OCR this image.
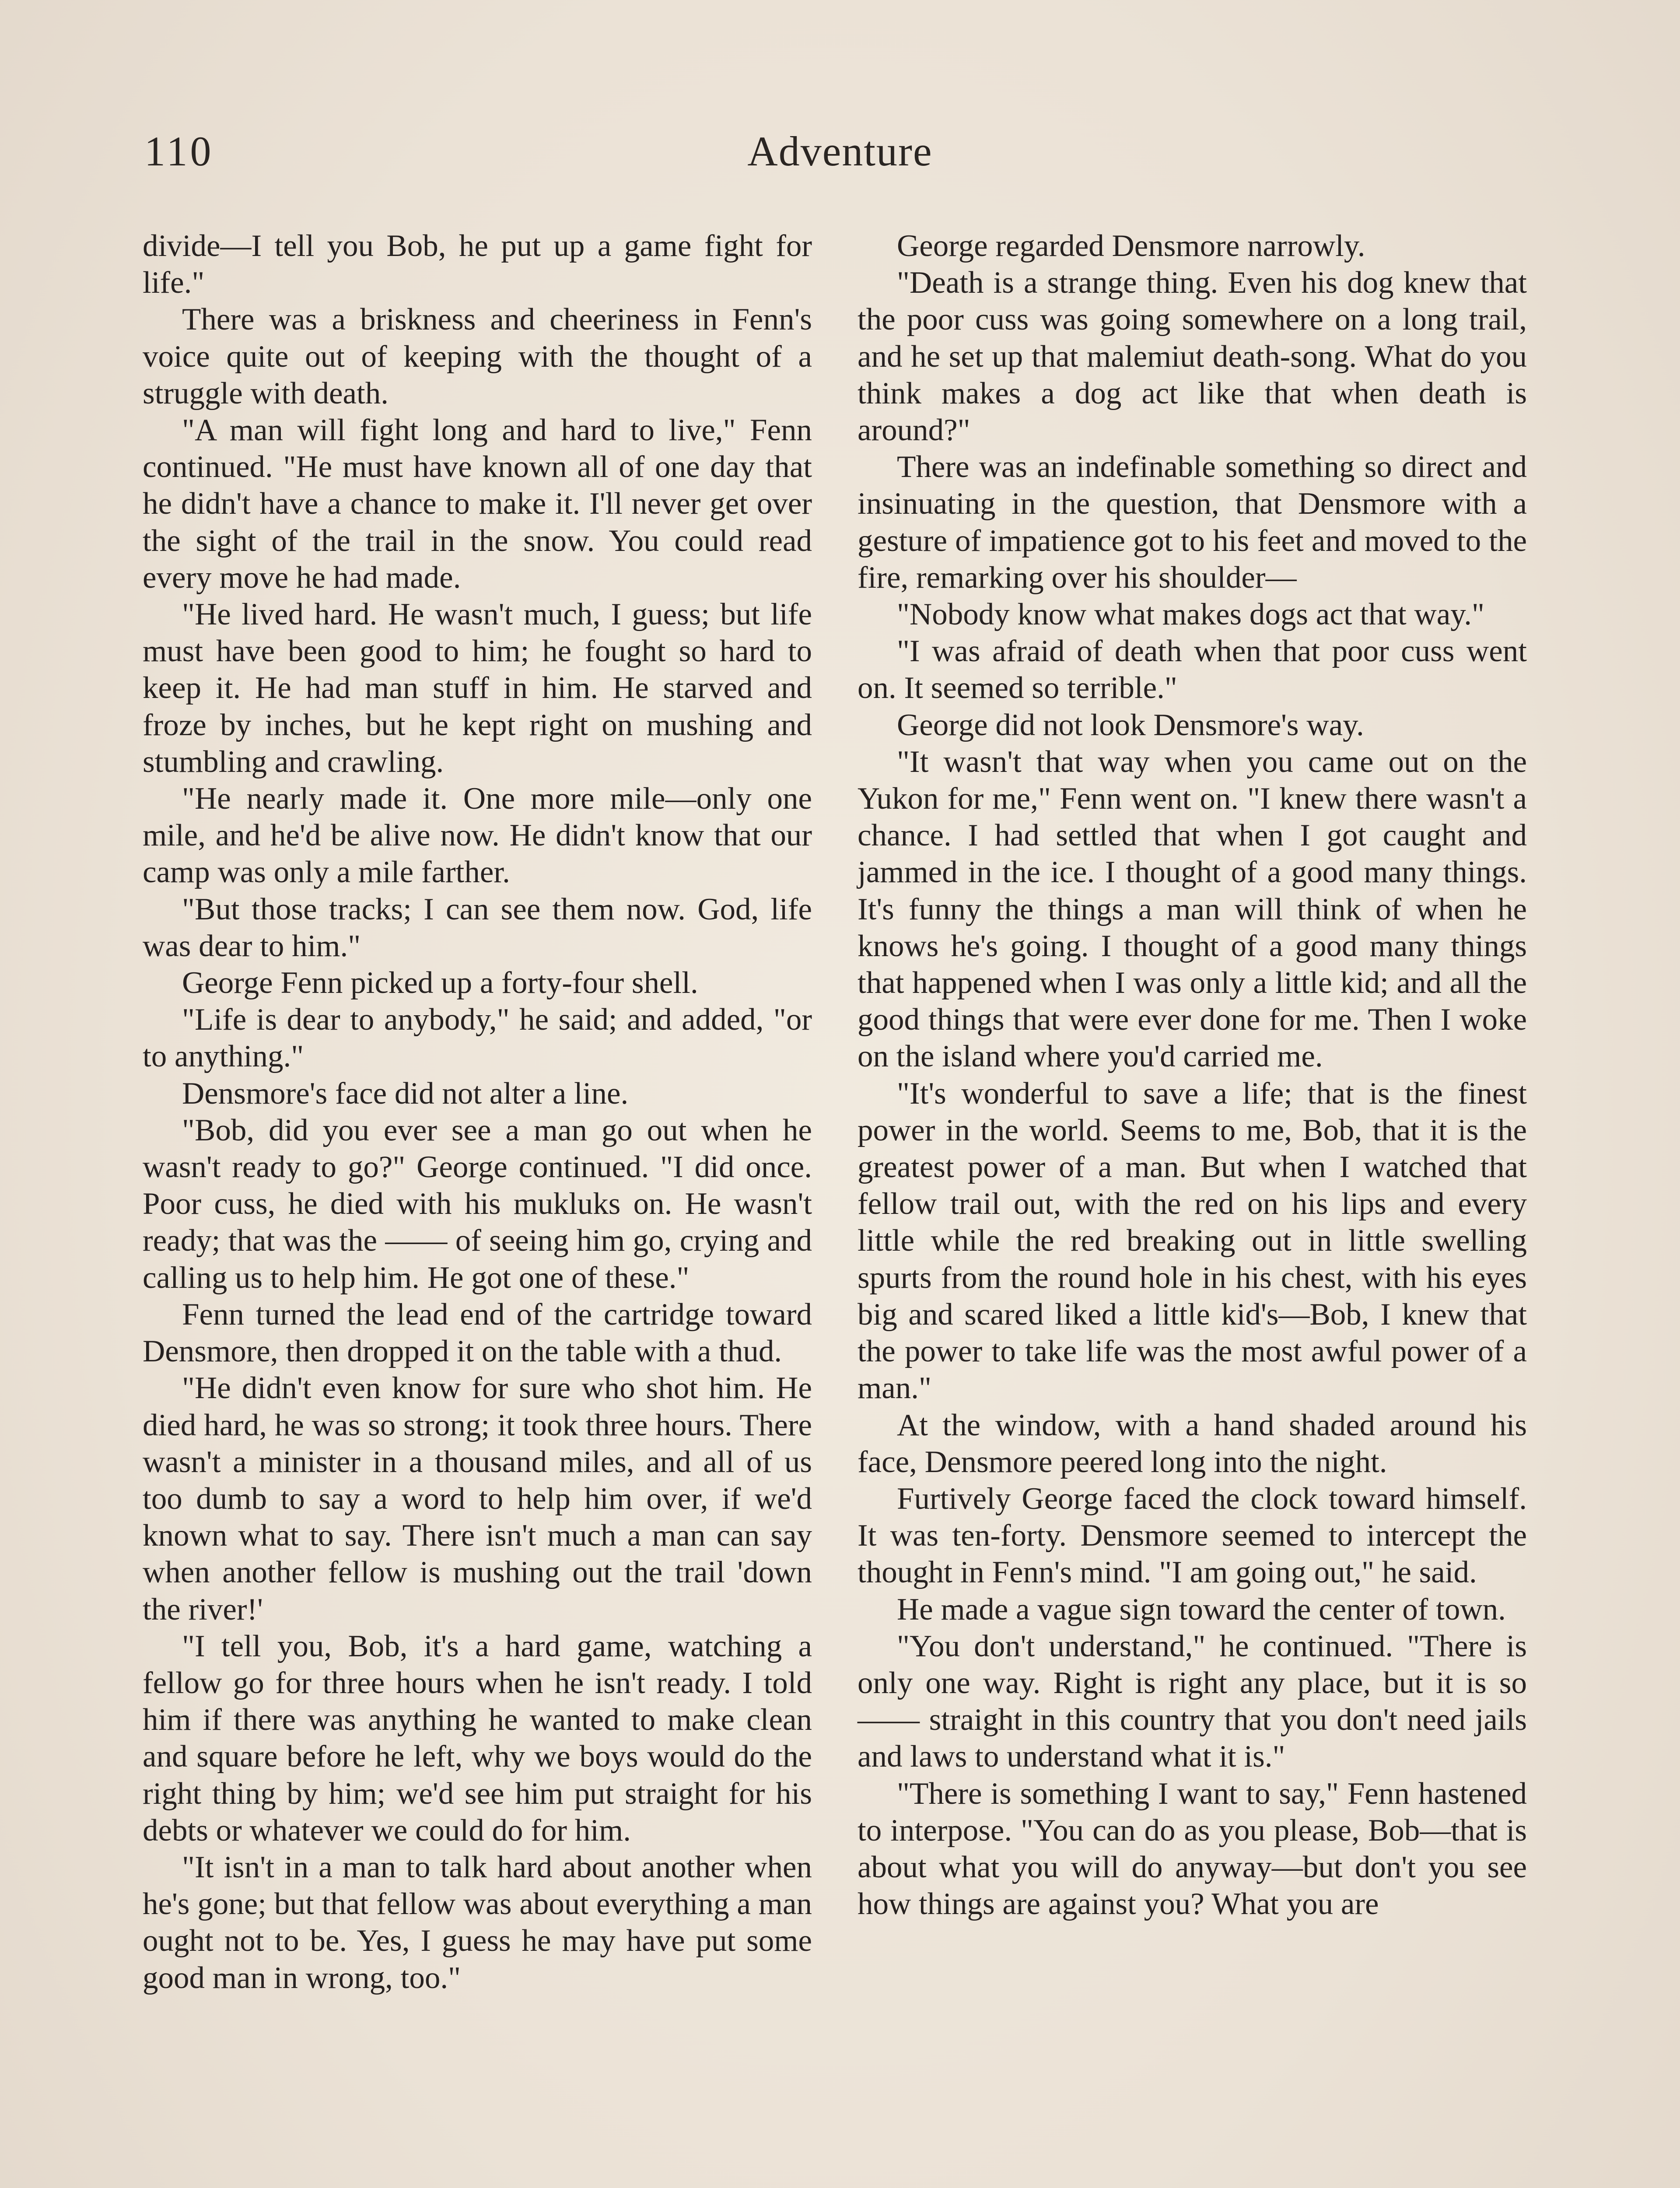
110	Adventure

divide—I tell you Bob, he put up a game fight for life."

There was a briskness and cheeriness in Fenn's voice quite out of keeping with the thought of a struggle with death.

"A man will fight long and hard to live," Fenn continued. "He must have known all of one day that he didn't have a chance to make it. I'll never get over the sight of the trail in the snow. You could read every move he had made.

"He lived hard. He wasn't much, I guess; but life must have been good to him; he fought so hard to keep it. He had man stuff in him. He starved and froze by inches, but he kept right on mushing and stumbling and crawling.

"He nearly made it. One more mile—only one mile, and he'd be alive now. He didn't know that our camp was only a mile farther.

"But those tracks; I can see them now. God, life was dear to him."

George Fenn picked up a forty-four shell.

"Life is dear to anybody," he said; and added, "or to anything."

Densmore's face did not alter a line.

"Bob, did you ever see a man go out when he wasn't ready to go?" George continued. "I did once. Poor cuss, he died with his mukluks on. He wasn't ready; that was the —— of seeing him go, crying and calling us to help him. He got one of these."

Fenn turned the lead end of the cartridge toward Densmore, then dropped it on the table with a thud.

"He didn't even know for sure who shot him. He died hard, he was so strong; it took three hours. There wasn't a minister in a thousand miles, and all of us too dumb to say a word to help him over, if we'd known what to say. There isn't much a man can say when another fellow is mushing out the trail 'down the river!'

"I tell you, Bob, it's a hard game, watching a fellow go for three hours when he isn't ready. I told him if there was anything he wanted to make clean and square before he left, why we boys would do the right thing by him; we'd see him put straight for his debts or whatever we could do for him.

"It isn't in a man to talk hard about another when he's gone; but that fellow was about everything a man ought not to be. Yes, I guess he may have put some good man in wrong, too."

George regarded Densmore narrowly.

"Death is a strange thing. Even his dog knew that the poor cuss was going somewhere on a long trail, and he set up that malemiut death-song. What do you think makes a dog act like that when death is around?"

There was an indefinable something so direct and insinuating in the question, that Densmore with a gesture of impatience got to his feet and moved to the fire, remarking over his shoulder—

"Nobody know what makes dogs act that way."

"I was afraid of death when that poor cuss went on. It seemed so terrible."

George did not look Densmore's way.

"It wasn't that way when you came out on the Yukon for me," Fenn went on. "I knew there wasn't a chance. I had settled that when I got caught and jammed in the ice. I thought of a good many things. It's funny the things a man will think of when he knows he's going. I thought of a good many things that happened when I was only a little kid; and all the good things that were ever done for me. Then I woke on the island where you'd carried me.

"It's wonderful to save a life; that is the finest power in the world. Seems to me, Bob, that it is the greatest power of a man. But when I watched that fellow trail out, with the red on his lips and every little while the red breaking out in little swelling spurts from the round hole in his chest, with his eyes big and scared liked a little kid's—Bob, I knew that the power to take life was the most awful power of a man."

At the window, with a hand shaded around his face, Densmore peered long into the night.

Furtively George faced the clock toward himself. It was ten-forty. Densmore seemed to intercept the thought in Fenn's mind. "I am going out," he said.

He made a vague sign toward the center of town.

"You don't understand," he continued. "There is only one way. Right is right any place, but it is so —— straight in this country that you don't need jails and laws to understand what it is."

"There is something I want to say," Fenn hastened to interpose. "You can do as you please, Bob—that is about what you will do anyway—but don't you see how things are against you? What you are
